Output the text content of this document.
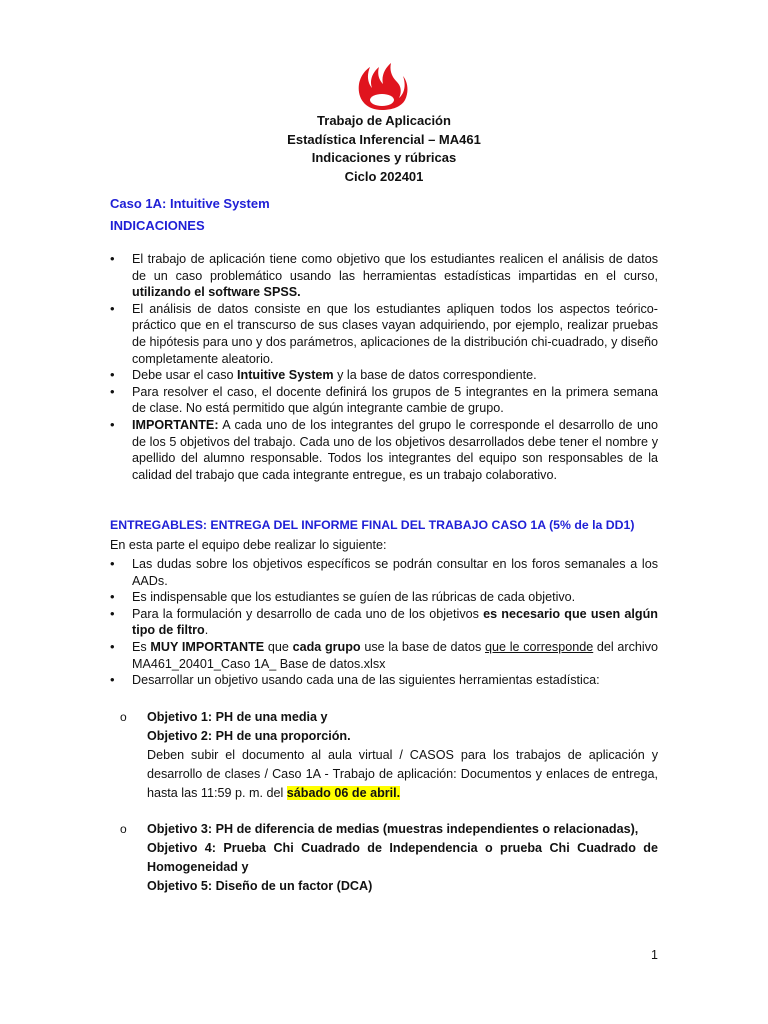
Trabajo de Aplicación
Estadística Inferencial – MA461
Indicaciones y rúbricas
Ciclo 202401
Caso 1A: Intuitive System
INDICACIONES
• El trabajo de aplicación tiene como objetivo que los estudiantes realicen el análisis de datos de un caso problemático usando las herramientas estadísticas impartidas en el curso, utilizando el software SPSS.
• El análisis de datos consiste en que los estudiantes apliquen todos los aspectos teórico-práctico que en el transcurso de sus clases vayan adquiriendo, por ejemplo, realizar pruebas de hipótesis para uno y dos parámetros, aplicaciones de la distribución chi-cuadrado, y diseño completamente aleatorio.
• Debe usar el caso Intuitive System y la base de datos correspondiente.
• Para resolver el caso, el docente definirá los grupos de 5 integrantes en la primera semana de clase. No está permitido que algún integrante cambie de grupo.
• IMPORTANTE: A cada uno de los integrantes del grupo le corresponde el desarrollo de uno de los 5 objetivos del trabajo. Cada uno de los objetivos desarrollados debe tener el nombre y apellido del alumno responsable. Todos los integrantes del equipo son responsables de la calidad del trabajo que cada integrante entregue, es un trabajo colaborativo.
ENTREGABLES: ENTREGA DEL INFORME FINAL DEL TRABAJO CASO 1A (5% de la DD1)
En esta parte el equipo debe realizar lo siguiente:
• Las dudas sobre los objetivos específicos se podrán consultar en los foros semanales a los AADs.
• Es indispensable que los estudiantes se guíen de las rúbricas de cada objetivo.
• Para la formulación y desarrollo de cada uno de los objetivos es necesario que usen algún tipo de filtro.
• Es MUY IMPORTANTE que cada grupo use la base de datos que le corresponde del archivo MA461_20401_Caso 1A_ Base de datos.xlsx
• Desarrollar un objetivo usando cada una de las siguientes herramientas estadística:
o Objetivo 1: PH de una media y
Objetivo 2: PH de una proporción.
Deben subir el documento al aula virtual / CASOS para los trabajos de aplicación y desarrollo de clases / Caso 1A - Trabajo de aplicación: Documentos y enlaces de entrega, hasta las 11:59 p. m. del sábado 06 de abril.
o Objetivo 3: PH de diferencia de medias (muestras independientes o relacionadas),
Objetivo 4: Prueba Chi Cuadrado de Independencia o prueba Chi Cuadrado de Homogeneidad y
Objetivo 5: Diseño de un factor (DCA)
1
